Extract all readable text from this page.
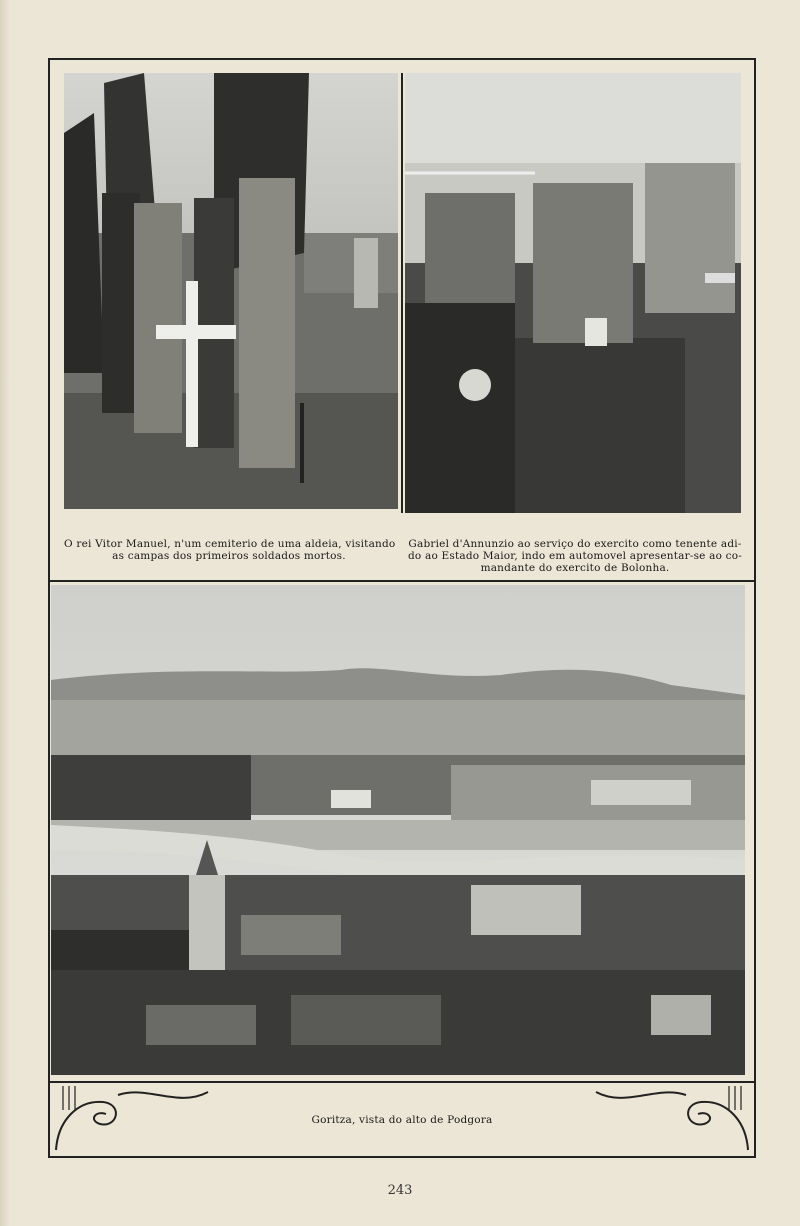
O rei Vitor Manuel, n'um cemiterio de uma aldeia, visitando
as campas dos primeiros soldados mortos.
Gabriel d'Annunzio ao serviço do exercito como tenente adi-
do ao Estado Maior, indo em automovel apresentar-se ao co-
mandante do exercito de Bolonha.
Goritza, vista do alto de Podgora
243
